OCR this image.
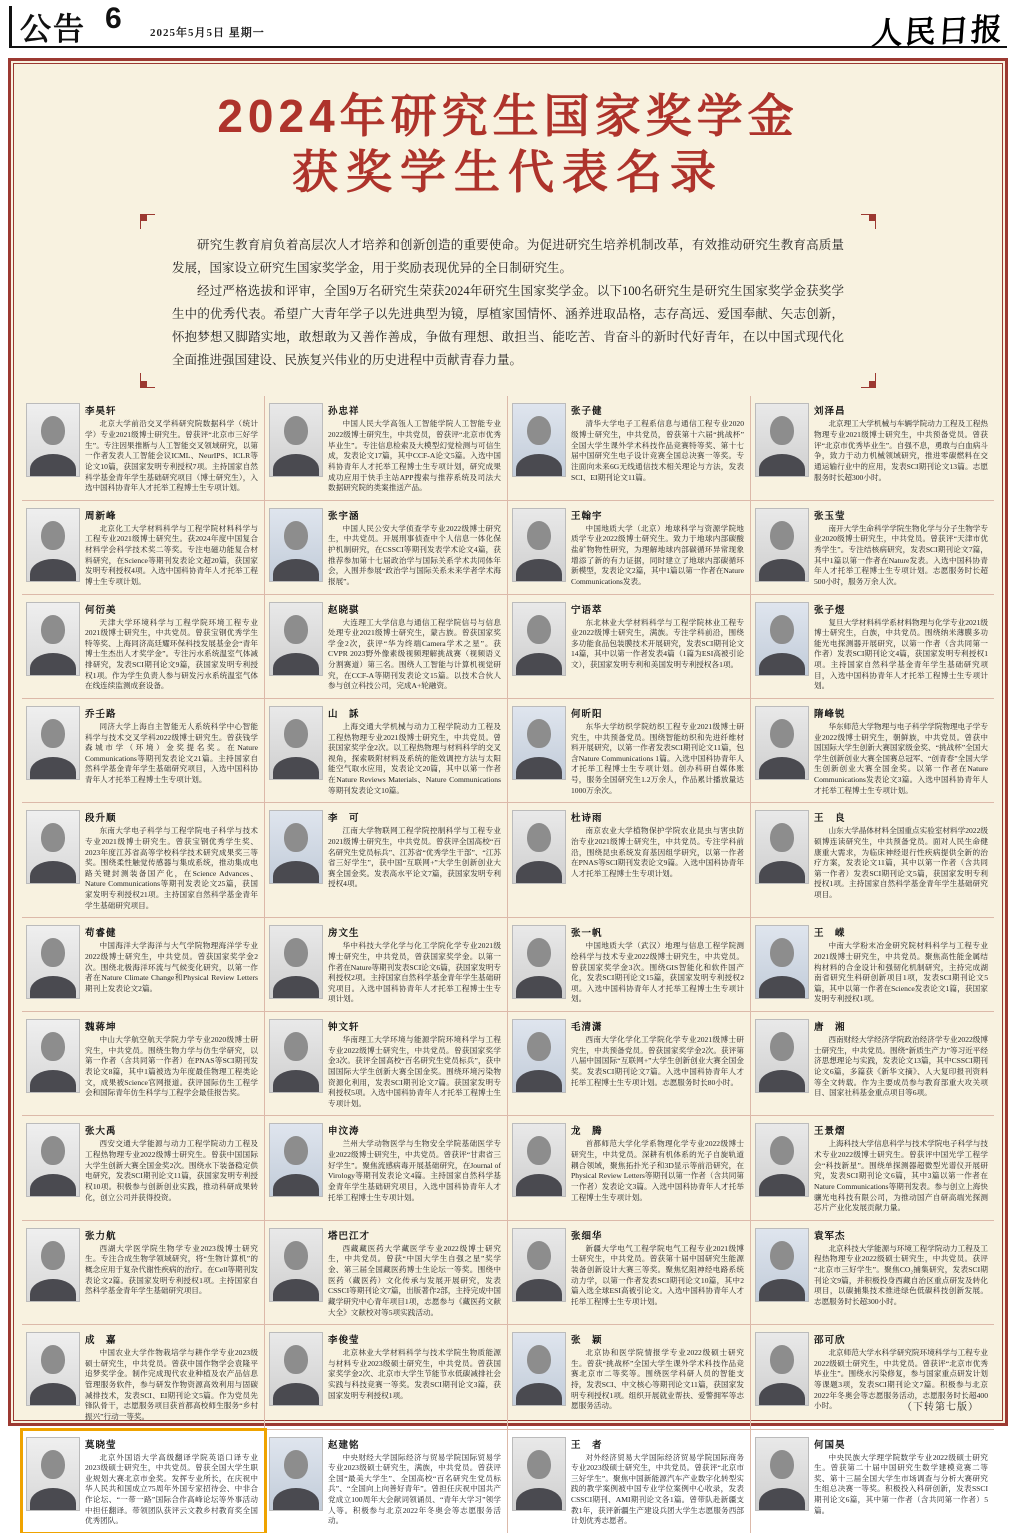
公告 6	2025年5月5日 星期一	人民日报
2024年研究生国家奖学金
获奖学生代表名录

研究生教育肩负着高层次人才培养和创新创造的重要使命。为促进研究生培养机制改革，有效推动研究生教育高质量发展，国家设立研究生国家奖学金，用于奖励表现优异的全日制研究生。

经过严格选拔和评审，全国9万名研究生荣获2024年研究生国家奖学金。以下100名研究生是研究生国家奖学金获奖学生中的优秀代表。希望广大青年学子以先进典型为镜，厚植家国情怀、涵养进取品格，志存高远、爱国奉献、矢志创新，怀抱梦想又脚踏实地，敢想敢为又善作善成，争做有理想、敢担当、能吃苦、肯奋斗的新时代好青年，在以中国式现代化全面推进强国建设、民族复兴伟业的历史进程中贡献青春力量。

李昊轩
北京大学前沿交叉学科研究院数据科学（统计学）专业2021级博士研究生。曾获评“北京市三好学生”。专注因果推断与人工智能交叉领域研究，以第一作者发表人工智能会议ICML、NeurIPS、ICLR等论文10篇，获国家发明专利授权7项。主持国家自然科学基金青年学生基础研究项目（博士研究生），入选中国科协青年人才托举工程博士生专项计划。
孙忠祥
中国人民大学高瓴人工智能学院人工智能专业2022级博士研究生，中共党员，曾获评“北京市优秀毕业生”。专注信息检索及大模型幻觉检测与可信生成，发表论文17篇，其中CCF-A论文5篇。入选中国科协青年人才托举工程博士生专项计划，研究成果成功应用于快手主站APP搜索与推荐系统及司法大数据研究院的类案推送产品。
张子健
清华大学电子工程系信息与通信工程专业2020级博士研究生，中共党员，曾获第十六届“挑战杯”全国大学生课外学术科技作品竞赛特等奖、第十七届中国研究生电子设计竞赛全国总决赛一等奖。专注面向未来6G无线通信技术相关理论与方法，发表SCI、EI期刊论文11篇。
刘泽昌
北京理工大学机械与车辆学院动力工程及工程热物理专业2021级博士研究生，中共预备党员。曾获评“北京市优秀毕业生”。自强不息，勇敢与白血病斗争，致力于动力机械领域研究，推进零碳燃料在交通运输行业中的应用，发表SCI期刊论文13篇。志愿服务时长超300小时。
周新峰
北京化工大学材料科学与工程学院材料科学与工程专业2021级博士研究生。获2024年度中国复合材料学会科学技术奖二等奖。专注电磁功能复合材料研究，在Science等期刊发表论文超20篇，获国家发明专利授权4项。入选中国科协青年人才托举工程博士生专项计划。
张宇涵
中国人民公安大学侦查学专业2022级博士研究生，中共党员。开展刑事侦查中个人信息一体化保护机制研究，在CSSCI等期刊发表学术论文4篇，获推荐参加第十七届政治学与国际关系学术共同体年会，入围并参展“政治学与国际关系未来学者学术海报展”。
王翰宇
中国地质大学（北京）地球科学与资源学院地质学专业2022级博士研究生。致力于地球内部碳酸盐矿物物性研究，为理解地球内部碳循环异常现象增添了新的有力证据，同时建立了地球内部碳循环新模型，发表论文2篇，其中1篇以第一作者在Nature Communications发表。
张玉莹
南开大学生命科学学院生物化学与分子生物学专业2020级博士研究生，中共党员。曾获评“天津市优秀学生”。专注结核病研究，发表SCI期刊论文7篇，其中1篇以第一作者在Nature发表。入选中国科协青年人才托举工程博士生专项计划。志愿服务时长超500小时，服务万余人次。
何衍美
天津大学环境科学与工程学院环境工程专业2021级博士研究生，中共党员。曾获宝钢优秀学生特等奖、上海同济高廷耀环保科技发展基金会“青年博士生杰出人才奖学金”。专注污水系统温室气体减排研究，发表SCI期刊论文9篇，获国家发明专利授权1项。作为学生负责人参与研发污水系统温室气体在线连续监测成套设备。
赵晓骐
大连理工大学信息与通信工程学院信号与信息处理专业2021级博士研究生，蒙古族。曾获国家奖学金2次，获评“华为终端Camera学术之星”。获CVPR 2023野外像素级视频理解挑战赛（视频语义分割赛道）第三名。围绕人工智能与计算机视觉研究，在CCF-A等期刊发表论文15篇。以技术合伙人参与创立科技公司，完成A+轮融资。
宁语萃
东北林业大学材料科学与工程学院林业工程专业2022级博士研究生，满族。专注学科前沿，围绕多功能食品包装膜技术开展研究，发表SCI期刊论文14篇，其中以第一作者发表4篇（1篇为ESI高被引论文），获国家发明专利和美国发明专利授权各1项。
张子煜
复旦大学材料科学系材料物理与化学专业2021级博士研究生，白族，中共党员。围绕纳米薄膜多功能光电探测器开展研究，以第一作者（含共同第一作者）发表SCI期刊论文4篇，获国家发明专利授权1项。主持国家自然科学基金青年学生基础研究项目，入选中国科协青年人才托举工程博士生专项计划。
乔壬路
同济大学上海自主智能无人系统科学中心智能科学与技术交叉学科2022级博士研究生。曾获钱学森城市学（环境）金奖提名奖。在Nature Communications等期刊发表论文21篇。主持国家自然科学基金青年学生基础研究项目，入选中国科协青年人才托举工程博士生专项计划。
山　訸
上海交通大学机械与动力工程学院动力工程及工程热物理专业2021级博士研究生，中共党员。曾获国家奖学金2次。以工程热物理与材料科学的交叉视角，探索吸附材料及系统的能效调控方法与太阳能空气取水应用，发表论文20篇，其中以第一作者在Nature Reviews Materials、Nature Communications等期刊发表论文10篇。
何昕阳
东华大学纺织学院纺织工程专业2021级博士研究生，中共预备党员。围绕智能纺织和先进纤维材料开展研究，以第一作者发表SCI期刊论文11篇，包含Nature Communications 1篇。入选中国科协青年人才托举工程博士生专项计划。创办科研自媒体账号，服务全国研究生1.2万余人，作品累计播放量达1000万余次。
隋峰锐
华东师范大学物理与电子科学学院物理电子学专业2022级博士研究生，朝鲜族，中共党员。曾获中国国际大学生创新大赛国家级金奖、“挑战杯”全国大学生创新创业大赛全国赛总冠军、“创青春”全国大学生创新创业大赛全国金奖。以第一作者在Nature Communications发表论文3篇。入选中国科协青年人才托举工程博士生专项计划。
段升顺
东南大学电子科学与工程学院电子科学与技术专业2021级博士研究生。曾获宝钢优秀学生奖、2023年度江苏省高等学校科学技术研究成果奖三等奖。围绕柔性触觉传感器与集成系统，推动集成电路关键封测装备国产化，在Science Advances、Nature Communications等期刊发表论文25篇，获国家发明专利授权21项。主持国家自然科学基金青年学生基础研究项目。
李　可
江南大学物联网工程学院控制科学与工程专业2021级博士研究生，中共党员。曾获评全国高校“百名研究生党员标兵”、江苏省“优秀学生干部”、“江苏省三好学生”，获中国“互联网+”大学生创新创业大赛全国金奖。发表高水平论文7篇，获国家发明专利授权4项。
杜诗雨
南京农业大学植物保护学院农业昆虫与害虫防治专业2021级博士研究生，中共党员。专注学科前沿，围绕昆虫系统发育基因组学研究，以第一作者在PNAS等SCI期刊发表论文9篇。入选中国科协青年人才托举工程博士生专项计划。
王　良
山东大学晶体材料全国重点实验室材料学2022级硕博连读研究生，中共预备党员。面对人民生命健康重大需求，为临床神经退行性疾病提供全新的治疗方案，发表论文11篇，其中以第一作者（含共同第一作者）发表SCI期刊论文5篇，获国家发明专利授权1项。主持国家自然科学基金青年学生基础研究项目。
苟睿健
中国海洋大学海洋与大气学院物理海洋学专业2022级博士研究生，中共党员。曾获国家奖学金2次。围绕北极海洋环流与气候变化研究，以第一作者在Nature Climate Change和Physical Review Letters期刊上发表论文2篇。
房文生
华中科技大学化学与化工学院化学专业2021级博士研究生，中共党员，曾获国家奖学金。以第一作者在Nature等期刊发表SCI论文6篇，获国家发明专利授权2项。主持国家自然科学基金青年学生基础研究项目。入选中国科协青年人才托举工程博士生专项计划。
张一帆
中国地质大学（武汉）地理与信息工程学院测绘科学与技术专业2022级博士研究生，中共党员。曾获国家奖学金3次。围绕GIS智能化和软件国产化，发表SCI期刊论文15篇，获国家发明专利授权2项。入选中国科协青年人才托举工程博士生专项计划。
王　嵘
中南大学粉末冶金研究院材料科学与工程专业2021级博士研究生，中共党员。聚焦高性能金属结构材料的合金设计和强韧化机制研究，主持完成湖南省研究生科研创新项目1项，发表SCI期刊论文5篇，其中以第一作者在Science发表论文1篇，获国家发明专利授权1项。
魏蒋坤
中山大学航空航天学院力学专业2020级博士研究生，中共党员。围绕生物力学与仿生学研究，以第一作者（含共同第一作者）在PNAS等SCI期刊发表论文8篇，其中1篇被选为年度最佳物理工程类论文，成果被Science官网报道。获评国际仿生工程学会和国际青年仿生科学与工程学会最佳报告奖。
钟文轩
华南理工大学环境与能源学院环境科学与工程专业2022级博士研究生，中共党员。曾获国家奖学金3次。获评全国高校“百名研究生党员标兵”，获中国国际大学生创新大赛全国金奖。围绕环境污染物资源化利用，发表SCI期刊论文7篇。获国家发明专利授权5项。入选中国科协青年人才托举工程博士生专项计划。
毛清潇
西南大学化学化工学院化学专业2021级博士研究生，中共预备党员。曾获国家奖学金2次。获评第八届中国国际“互联网+”大学生创新创业大赛全国金奖。发表SCI期刊论文7篇。入选中国科协青年人才托举工程博士生专项计划。志愿服务时长80小时。
唐　湘
西南财经大学经济学院政治经济学专业2022级博士研究生，中共党员。围绕“新质生产力”等习近平经济思想理论与实践，发表论文13篇，其中CSSCI期刊论文6篇，多篇获《新华文摘》、人大复印报刊资料等全文转载。作为主要成员参与教育部重大攻关项目、国家社科基金重点项目等6项。
张大禹
西安交通大学能源与动力工程学院动力工程及工程热物理专业2022级博士研究生。曾获中国国际大学生创新大赛全国金奖2次。围绕水下装备稳定供电研究，发表SCI期刊论文11篇，获国家发明专利授权10项。积极参与创新创业实践，推动科研成果转化，创立公司并获得投资。
申汶涛
兰州大学动物医学与生物安全学院基础医学专业2022级博士研究生，中共党员。曾获评“甘肃省三好学生”。聚焦流感病毒开展基础研究，在Journal of Virology等期刊发表论文4篇。主持国家自然科学基金青年学生基础研究项目，入选中国科协青年人才托举工程博士生专项计划。
龙　腾
首都师范大学化学系物理化学专业2022级博士研究生，中共党员。深耕有机体系的光子自旋轨道耦合领域，聚焦拓扑光子和3D显示等前沿研究，在Physical Review Letters等期刊以第一作者（含共同第一作者）发表论文3篇。入选中国科协青年人才托举工程博士生专项计划。
王景熠
上海科技大学信息科学与技术学院电子科学与技术专业2022级博士研究生。曾获评中国光学工程学会“科技新星”。围绕单探测器超微型光谱仪开展研究，发表SCI期刊论文6篇，其中3篇以第一作者在Nature Communications等期刊发表。参与创立上海快骧光电科技有限公司，为推动国产自研高端光探测芯片产业化发展贡献力量。
张力航
西湖大学医学院生物学专业2023级博士研究生。专注合成生物学领域研究，将“生物计算机”的概念应用于复杂代谢性疾病的治疗。在Cell等期刊发表论文2篇。获国家发明专利授权1项。主持国家自然科学基金青年学生基础研究项目。
塔巴江才
西藏藏医药大学藏医学专业2022级博士研究生，中共党员。曾获“中国大学生自强之星”奖学金、第三届全国藏医药博士生论坛一等奖。围绕中医药（藏医药）文化传承与发展开展研究，发表CSSCI等期刊论文7篇，出版著作2部，主持完成中国藏学研究中心青年项目1项，志愿参与《藏医药文献大全》文献校对等5项实践活动。
张细华
新疆大学电气工程学院电气工程专业2021级博士研究生，中共党员。曾获第十届中国研究生能源装备创新设计大赛三等奖。聚焦忆阻神经电路系统动力学，以第一作者发表SCI期刊论文10篇，其中2篇入选全球ESI高被引论文。入选中国科协青年人才托举工程博士生专项计划。
袁军杰
北京科技大学能源与环境工程学院动力工程及工程热物理专业2022级硕士研究生，中共党员。获评“北京市三好学生”。聚焦CO₂捕集研究，发表SCI期刊论文9篇，并积极投身西藏自治区重点研发及转化项目，以碳捕集技术推进绿色低碳科技创新发展。志愿服务时长超300小时。
成　嘉
中国农业大学作物栽培学与耕作学专业2023级硕士研究生，中共党员。曾获中国作物学会袁隆平追梦奖学金。制作完成现代农业种植及农产品信息管理服务软件，参与研发作物资源高效利用与固碳减排技术，发表SCI、EI期刊论文5篇。作为党员先锋队骨干，志愿服务项目获首都高校师生服务“乡村振兴”行动一等奖。
李俊莹
北京林业大学材料科学与技术学院生物质能源与材料专业2023级硕士研究生，中共党员。曾获国家奖学金2次、北京市大学生节能节水低碳减排社会实践与科技竞赛一等奖。发表SCI期刊论文3篇，获国家发明专利授权1项。
张　颖
北京协和医学院情报学专业2022级硕士研究生。曾获“挑战杯”全国大学生课外学术科技作品竞赛北京市二等奖等。围绕医学科研人员的智能支持，发表SCI、中文核心等期刊论文11篇，获国家发明专利授权1项。组织开展就业帮扶、爱警拥军等志愿服务活动。
邵可欣
北京师范大学水科学研究院环境科学与工程专业2022级硕士研究生，中共党员。曾获评“北京市优秀毕业生”。围绕水污染修复，参与国家重点研发计划等课题3项，发表SCI期刊论文7篇。积极参与北京2022年冬奥会等志愿服务活动，志愿服务时长超400小时。
莫晓莹
北京外国语大学高级翻译学院英语口译专业2023级硕士研究生，中共党员。曾获全国大学生职业规划大赛北京市金奖。发挥专业所长，在庆祝中华人民共和国成立75周年外国专家招待会、中非合作论坛、“一带一路”国际合作高峰论坛等外事活动中担任翻译。带领团队获评云文教乡村教育奖全国优秀团队。
赵建铭
中央财经大学国际经济与贸易学院国际贸易学专业2023级硕士研究生，满族，中共党员。曾获评全国“最美大学生”、全国高校“百名研究生党员标兵”、“全国向上向善好青年”。曾担任庆祝中国共产党成立100周年大会献词领诵员、“青年大学习”领学人等。积极参与北京2022年冬奥会等志愿服务活动。
王　者
对外经济贸易大学国际经济贸易学院国际商务专业2023级硕士研究生，中共党员。曾获评“北京市三好学生”。聚焦中国新能源汽车产业数字化转型实践的教学案例被中国专业学位案例中心收录，发表CSSCI期刊、AMI期刊论文各1篇。曾带队赴新疆支教1年，获评新疆生产建设兵团大学生志愿服务西部计划优秀志愿者。
何国昊
中央民族大学理学院数学专业2022级硕士研究生。曾获第二十届中国研究生数学建模竞赛二等奖、第十三届全国大学生市场调查与分析大赛研究生组总决赛一等奖。积极投入科研创新，发表SSCI期刊论文6篇，其中第一作者（含共同第一作者）5篇。
（下转第七版）
